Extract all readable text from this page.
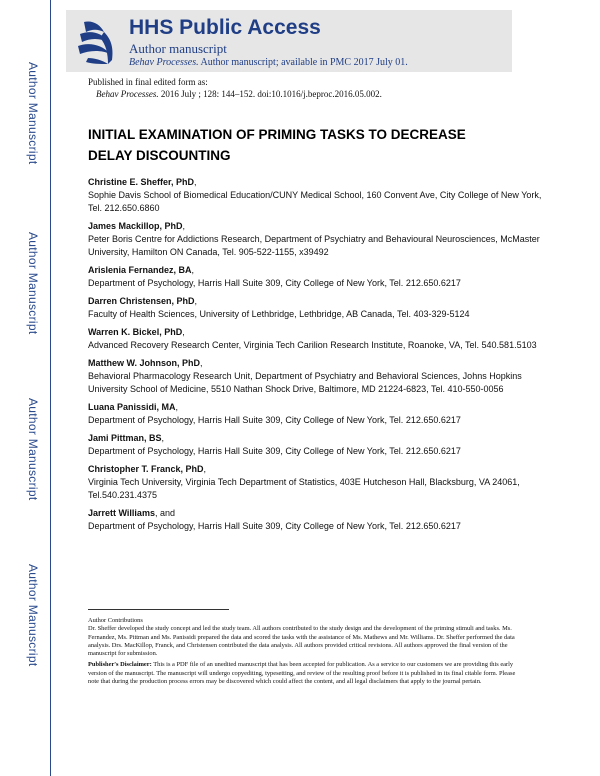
Author Manuscript
Author Manuscript
Author Manuscript
Author Manuscript
HHS Public Access
Author manuscript
Behav Processes. Author manuscript; available in PMC 2017 July 01.
Published in final edited form as:
Behav Processes. 2016 July ; 128: 144–152. doi:10.1016/j.beproc.2016.05.002.
INITIAL EXAMINATION OF PRIMING TASKS TO DECREASE
DELAY DISCOUNTING
Christine E. Sheffer, PhD,
Sophie Davis School of Biomedical Education/CUNY Medical School, 160 Convent Ave, City College of New York, Tel. 212.650.6860
James Mackillop, PhD,
Peter Boris Centre for Addictions Research, Department of Psychiatry and Behavioural Neurosciences, McMaster University, Hamilton ON Canada, Tel. 905-522-1155, x39492
Arislenia Fernandez, BA,
Department of Psychology, Harris Hall Suite 309, City College of New York, Tel. 212.650.6217
Darren Christensen, PhD,
Faculty of Health Sciences, University of Lethbridge, Lethbridge, AB Canada, Tel. 403-329-5124
Warren K. Bickel, PhD,
Advanced Recovery Research Center, Virginia Tech Carilion Research Institute, Roanoke, VA, Tel. 540.581.5103
Matthew W. Johnson, PhD,
Behavioral Pharmacology Research Unit, Department of Psychiatry and Behavioral Sciences, Johns Hopkins University School of Medicine, 5510 Nathan Shock Drive, Baltimore, MD 21224-6823, Tel. 410-550-0056
Luana Panissidi, MA,
Department of Psychology, Harris Hall Suite 309, City College of New York, Tel. 212.650.6217
Jami Pittman, BS,
Department of Psychology, Harris Hall Suite 309, City College of New York, Tel. 212.650.6217
Christopher T. Franck, PhD,
Virginia Tech University, Virginia Tech Department of Statistics, 403E Hutcheson Hall, Blacksburg, VA 24061, Tel.540.231.4375
Jarrett Williams, and
Department of Psychology, Harris Hall Suite 309, City College of New York, Tel. 212.650.6217

Author Contributions
Dr. Sheffer developed the study concept and led the study team. All authors contributed to the study design and the development of the priming stimuli and tasks. Ms. Fernandez, Ms. Pittman and Ms. Panissidi prepared the data and scored the tasks with the assistance of Ms. Mathews and Mr. Williams. Dr. Sheffer performed the data analysis. Drs. MacKillop, Franck, and Christensen contributed the data analysis. All authors provided critical revisions. All authors approved the final version of the manuscript for submission.

Publisher's Disclaimer: This is a PDF file of an unedited manuscript that has been accepted for publication. As a service to our customers we are providing this early version of the manuscript. The manuscript will undergo copyediting, typesetting, and review of the resulting proof before it is published in its final citable form. Please note that during the production process errors may be discovered which could affect the content, and all legal disclaimers that apply to the journal pertain.
